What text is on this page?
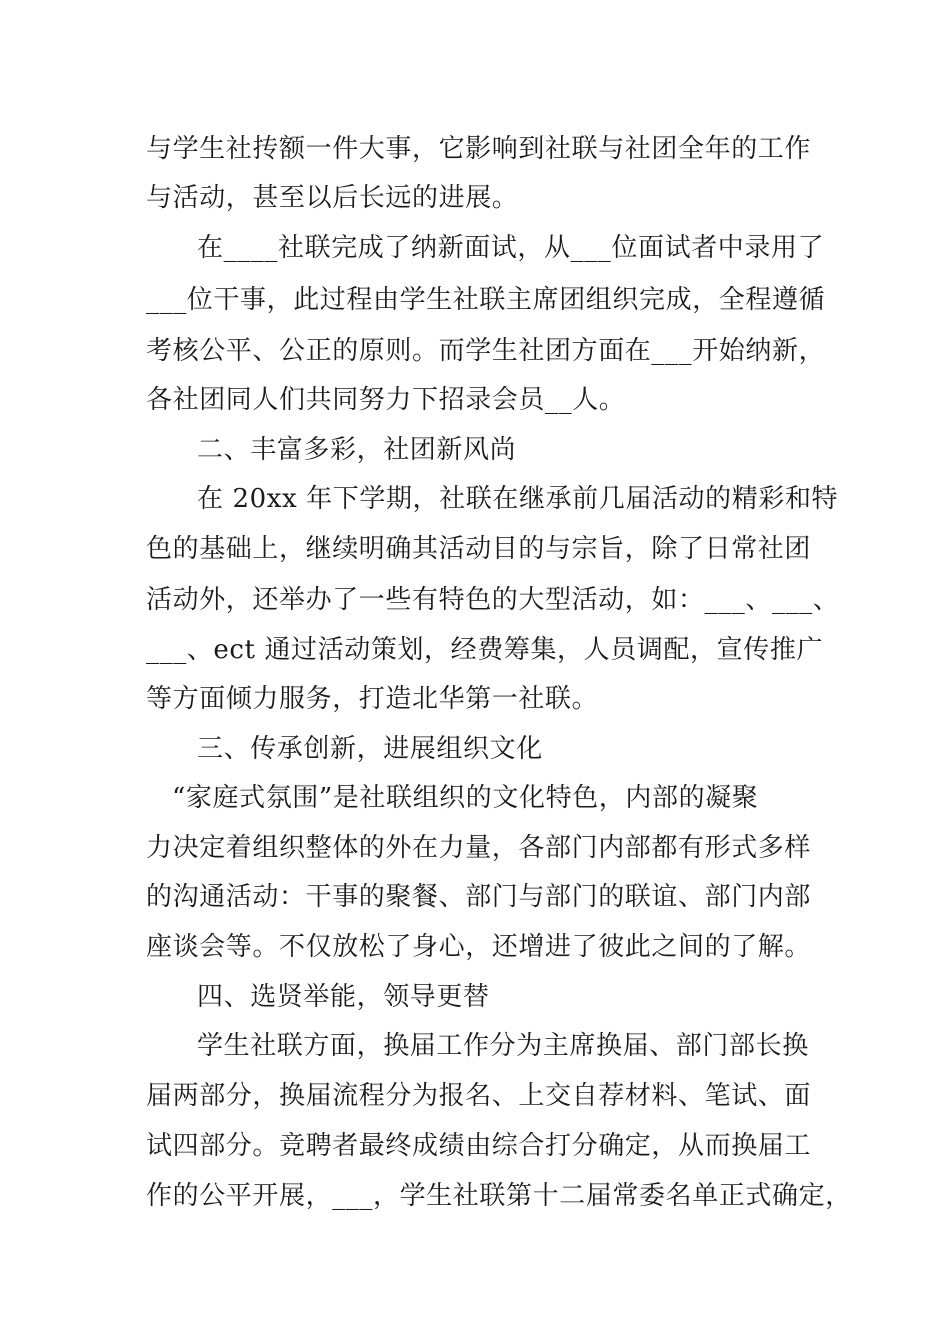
与学生社抟额一件大事，它影响到社联与社团全年的工作
与活动，甚至以后长远的进展。
在____社联完成了纳新面试，从___位面试者中录用了
___位干事，此过程由学生社联主席团组织完成，全程遵循
考核公平、公正的原则。而学生社团方面在___开始纳新，
各社团同人们共同努力下招录会员__人。
二、丰富多彩，社团新风尚
在 20xx 年下学期，社联在继承前几届活动的精彩和特
色的基础上，继续明确其活动目的与宗旨，除了日常社团
活动外，还举办了一些有特色的大型活动，如：___、___、
___、ect 通过活动策划，经费筹集，人员调配，宣传推广
等方面倾力服务，打造北华第一社联。
三、传承创新，进展组织文化
“家庭式氛围”是社联组织的文化特色，内部的凝聚
力决定着组织整体的外在力量，各部门内部都有形式多样
的沟通活动：干事的聚餐、部门与部门的联谊、部门内部
座谈会等。不仅放松了身心，还增进了彼此之间的了解。
四、选贤举能，领导更替
学生社联方面，换届工作分为主席换届、部门部长换
届两部分，换届流程分为报名、上交自荐材料、笔试、面
试四部分。竞聘者最终成绩由综合打分确定，从而换届工
作的公平开展，___，学生社联第十二届常委名单正式确定，
